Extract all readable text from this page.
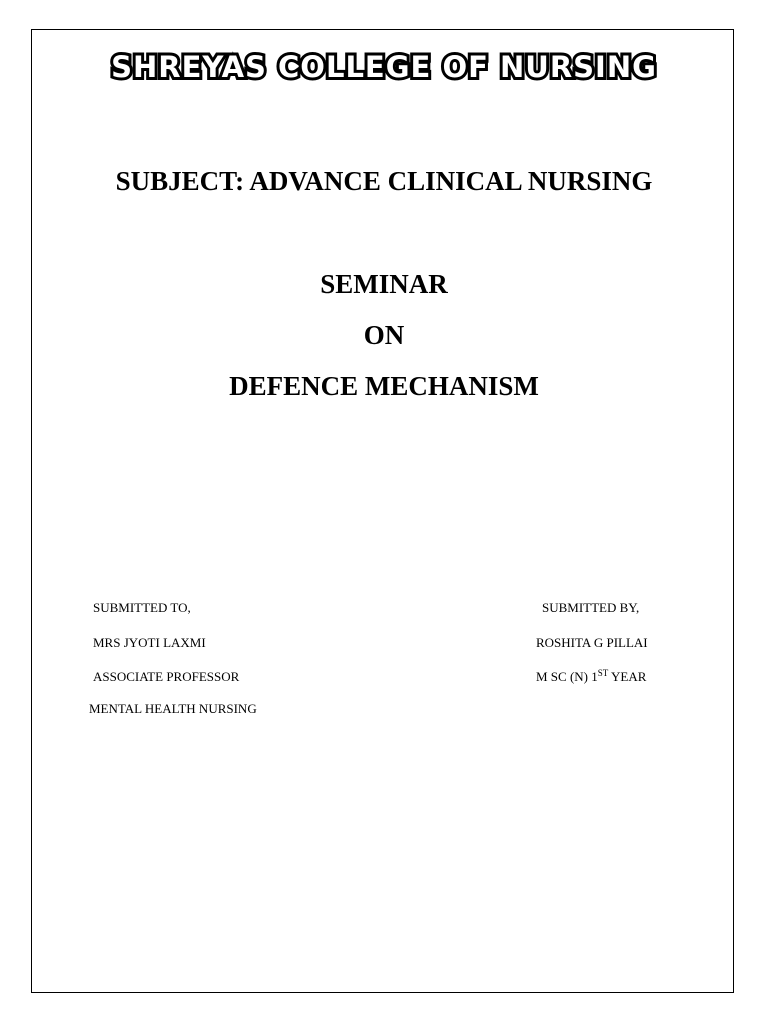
SHREYAS COLLEGE OF NURSING
SUBJECT: ADVANCE CLINICAL NURSING
SEMINAR
ON
DEFENCE MECHANISM
SUBMITTED TO,
MRS JYOTI LAXMI
ASSOCIATE PROFESSOR
MENTAL HEALTH NURSING
SUBMITTED BY,
ROSHITA G PILLAI
M SC (N) 1ST YEAR
